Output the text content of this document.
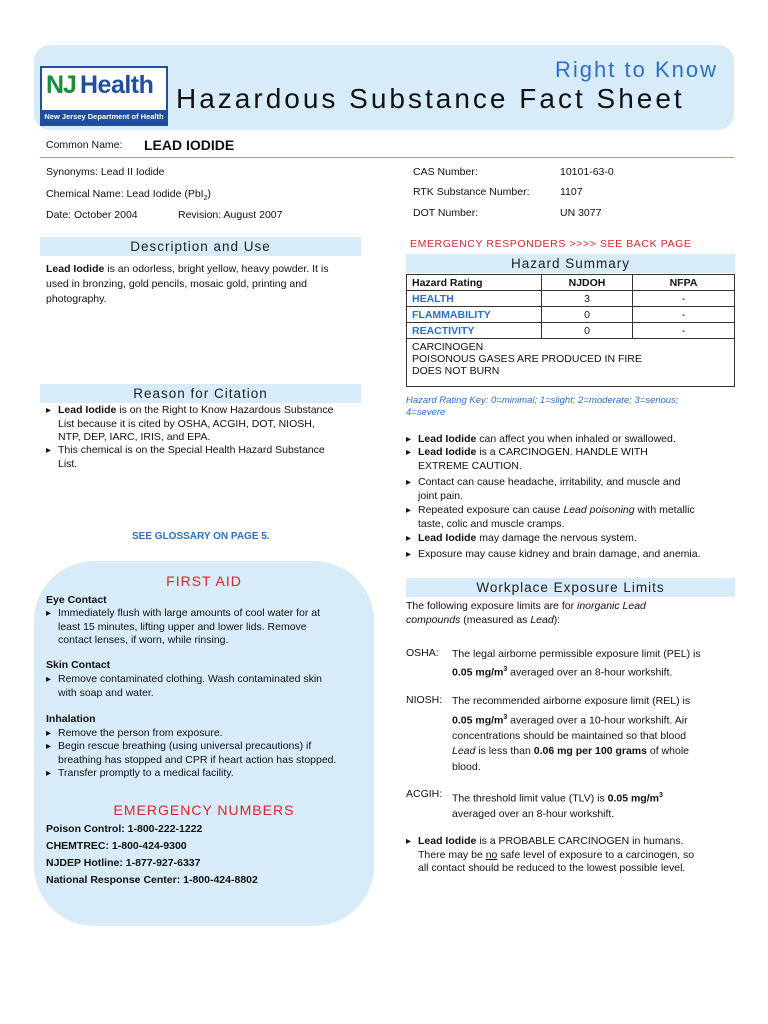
NJ Health
New Jersey Department of Health
Right to Know
Hazardous Substance Fact Sheet
Common Name: LEAD IODIDE
Synonyms: Lead II Iodide
Chemical Name: Lead Iodide (PbI$_2$)
Date: October 2004	Revision: August 2007
CAS Number:	10101-63-0
RTK Substance Number:	1107
DOT Number:	UN 3077
Description and Use
Lead Iodide is an odorless, bright yellow, heavy powder. It is
used in bronzing, gold pencils, mosaic gold, printing and
photography.
Reason for Citation
▸ Lead Iodide is on the Right to Know Hazardous Substance
List because it is cited by OSHA, ACGIH, DOT, NIOSH,
NTP, DEP, IARC, IRIS, and EPA.
▸ This chemical is on the Special Health Hazard Substance
List.
SEE GLOSSARY ON PAGE 5.
FIRST AID
Eye Contact
▸ Immediately flush with large amounts of cool water for at
least 15 minutes, lifting upper and lower lids. Remove
contact lenses, if worn, while rinsing.
Skin Contact
▸ Remove contaminated clothing. Wash contaminated skin
with soap and water.
Inhalation
▸ Remove the person from exposure.
▸ Begin rescue breathing (using universal precautions) if
breathing has stopped and CPR if heart action has stopped.
▸ Transfer promptly to a medical facility.
EMERGENCY NUMBERS
Poison Control: 1-800-222-1222
CHEMTREC: 1-800-424-9300
NJDEP Hotline: 1-877-927-6337
National Response Center: 1-800-424-8802
EMERGENCY RESPONDERS >>>> SEE BACK PAGE
Hazard Summary
Hazard Rating	NJDOH	NFPA
HEALTH	3	-
FLAMMABILITY	0	-
REACTIVITY	0	-

CARCINOGEN
POISONOUS GASES ARE PRODUCED IN FIRE
DOES NOT BURN		
Hazard Rating Key: 0=minimal; 1=slight; 2=moderate; 3=serious;
4=severe
▸ Lead Iodide can affect you when inhaled or swallowed.
▸ Lead Iodide is a CARCINOGEN. HANDLE WITH
EXTREME CAUTION.
▸ Contact can cause headache, irritability, and muscle and
joint pain.
▸ Repeated exposure can cause Lead poisoning with metallic
taste, colic and muscle cramps.
▸ Lead Iodide may damage the nervous system.
▸ Exposure may cause kidney and brain damage, and anemia.
Workplace Exposure Limits
The following exposure limits are for inorganic Lead
compounds (measured as Lead):
OSHA: The legal airborne permissible exposure limit (PEL) is
0.05 $mg/m^3$ averaged over an 8-hour workshift.
NIOSH: The recommended airborne exposure limit (REL) is
0.05 $mg/m^3$ averaged over a 10-hour workshift. Air
concentrations should be maintained so that blood
Lead is less than 0.06 mg per 100 grams of whole
blood.
ACGIH: The threshold limit value (TLV) is 0.05 $mg/m^3$
averaged over an 8-hour workshift.
▸ Lead Iodide is a PROBABLE CARCINOGEN in humans.
There may be no safe level of exposure to a carcinogen, so
all contact should be reduced to the lowest possible level.
